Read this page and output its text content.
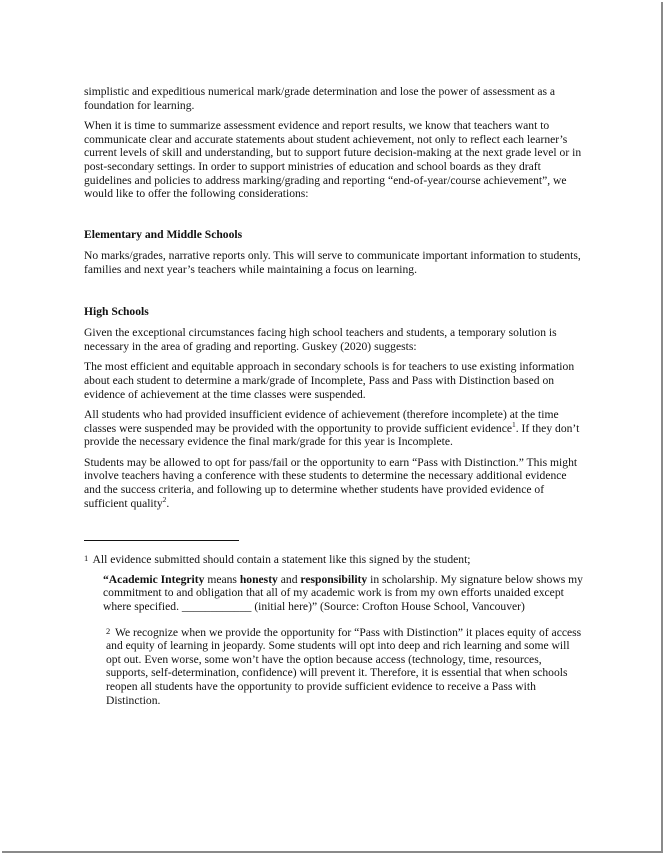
simplistic and expeditious numerical mark/grade determination and lose the power of assessment as a foundation for learning.

When it is time to summarize assessment evidence and report results, we know that teachers want to communicate clear and accurate statements about student achievement, not only to reflect each learner’s current levels of skill and understanding, but to support future decision-making at the next grade level or in post-secondary settings. In order to support ministries of education and school boards as they draft guidelines and policies to address marking/grading and reporting “end-of-year/course achievement”, we would like to offer the following considerations:

Elementary and Middle Schools

No marks/grades, narrative reports only. This will serve to communicate important information to students, families and next year’s teachers while maintaining a focus on learning.

High Schools

Given the exceptional circumstances facing high school teachers and students, a temporary solution is necessary in the area of grading and reporting. Guskey (2020) suggests:

The most efficient and equitable approach in secondary schools is for teachers to use existing information about each student to determine a mark/grade of Incomplete, Pass and Pass with Distinction based on evidence of achievement at the time classes were suspended.

All students who had provided insufficient evidence of achievement (therefore incomplete) at the time classes were suspended may be provided with the opportunity to provide sufficient evidence$^1$. If they don’t provide the necessary evidence the final mark/grade for this year is Incomplete.

Students may be allowed to opt for pass/fail or the opportunity to earn “Pass with Distinction.” This might involve teachers having a conference with these students to determine the necessary additional evidence and the success criteria, and following up to determine whether students have provided evidence of sufficient quality$^2$.

$^1$ All evidence submitted should contain a statement like this signed by the student;

“Academic Integrity means honesty and responsibility in scholarship. My signature below shows my commitment to and obligation that all of my academic work is from my own efforts unaided except where specified. ____________ (initial here)” (Source: Crofton House School, Vancouver)

$^2$ We recognize when we provide the opportunity for “Pass with Distinction” it places equity of access and equity of learning in jeopardy. Some students will opt into deep and rich learning and some will opt out. Even worse, some won’t have the option because access (technology, time, resources, supports, self-determination, confidence) will prevent it. Therefore, it is essential that when schools reopen all students have the opportunity to provide sufficient evidence to receive a Pass with Distinction.
